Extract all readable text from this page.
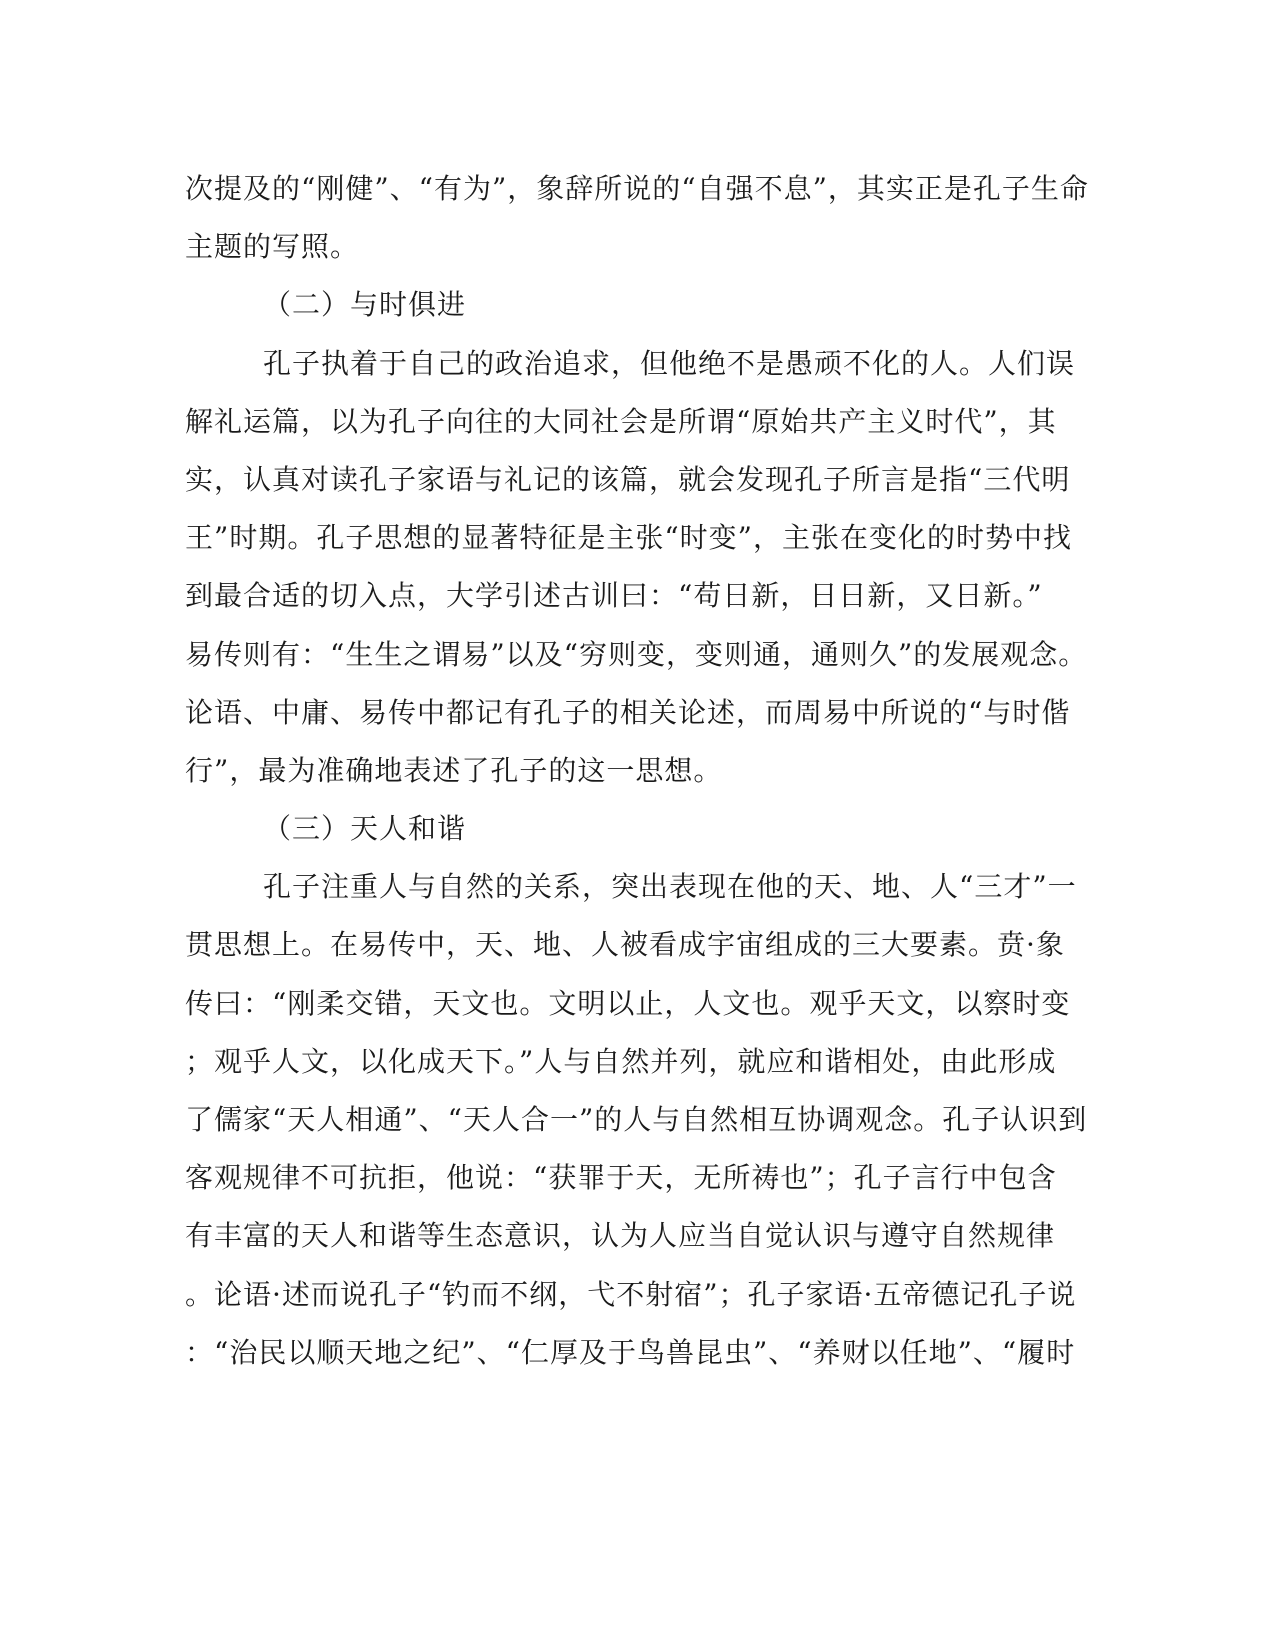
次提及的“刚健”、“有为”，象辞所说的“自强不息”，其实正是孔子生命
主题的写照。
（二）与时俱进
孔子执着于自己的政治追求，但他绝不是愚顽不化的人。人们误
解礼运篇，以为孔子向往的大同社会是所谓“原始共产主义时代”，其
实，认真对读孔子家语与礼记的该篇，就会发现孔子所言是指“三代明
王”时期。孔子思想的显著特征是主张“时变”，主张在变化的时势中找
到最合适的切入点，大学引述古训曰：“苟日新，日日新，又日新。”
易传则有：“生生之谓易”以及“穷则变，变则通，通则久”的发展观念。
论语、中庸、易传中都记有孔子的相关论述，而周易中所说的“与时偕
行”，最为准确地表述了孔子的这一思想。
（三）天人和谐
孔子注重人与自然的关系，突出表现在他的天、地、人“三才”一
贯思想上。在易传中，天、地、人被看成宇宙组成的三大要素。贲·象
传曰：“刚柔交错，天文也。文明以止，人文也。观乎天文，以察时变
；观乎人文，以化成天下。”人与自然并列，就应和谐相处，由此形成
了儒家“天人相通”、“天人合一”的人与自然相互协调观念。孔子认识到
客观规律不可抗拒，他说：“获罪于天，无所祷也”；孔子言行中包含
有丰富的天人和谐等生态意识，认为人应当自觉认识与遵守自然规律
。论语·述而说孔子“钓而不纲，弋不射宿”；孔子家语·五帝德记孔子说
：“治民以顺天地之纪”、“仁厚及于鸟兽昆虫”、“养财以任地”、“履时
